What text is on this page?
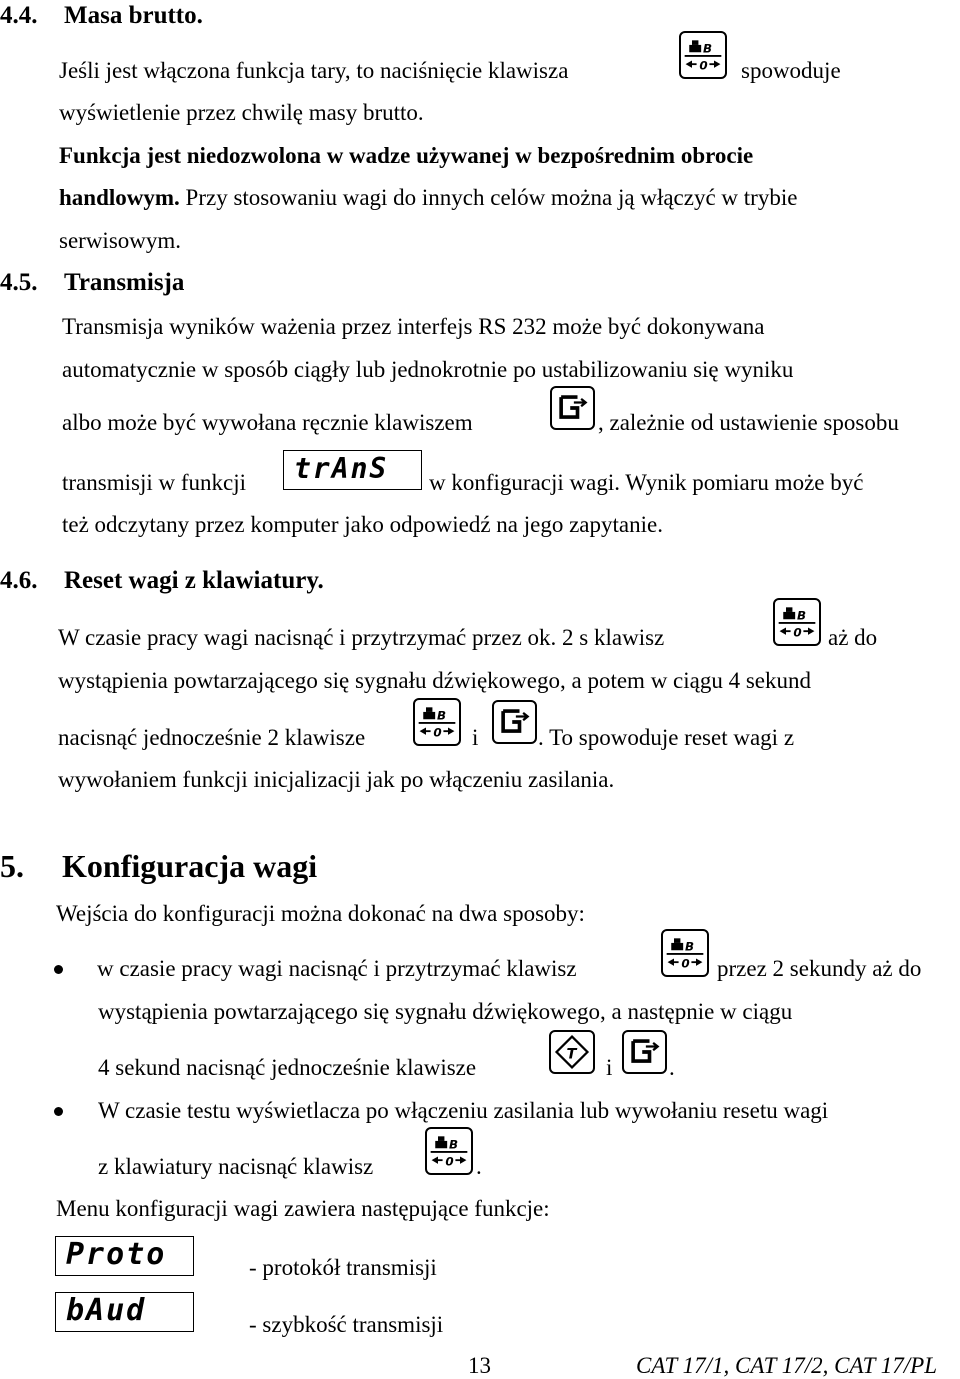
4.4. Masa brutto.
Jeśli jest włączona funkcja tary, to naciśnięcie klawisza
B
0 spowoduje
wyświetlenie przez chwilę masy brutto.
Funkcja jest niedozwolona w wadze używanej w bezpośrednim obrocie
handlowym. Przy stosowaniu wagi do innych celów można ją włączyć w trybie
serwisowym.
4.5. Transmisja
Transmisja wyników ważenia przez interfejs RS 232 może być dokonywana
automatycznie w sposób ciągły lub jednokrotnie po ustabilizowaniu się wyniku
albo może być wywołana ręcznie klawiszem	, zależnie od ustawienie sposobu
transmisji w funkcji	trAnS	w konfiguracji wagi. Wynik pomiaru może być
też odczytany przez komputer jako odpowiedź na jego zapytanie.
4.6. Reset wagi z klawiatury.
W czasie pracy wagi nacisnąć i przytrzymać przez ok. 2 s klawisz
B
0 aż do
wystąpienia powtarzającego się sygnału dźwiękowego, a potem w ciągu 4 sekund
nacisnąć jednocześnie 2 klawisze
B
0 i	. To spowoduje reset wagi z
wywołaniem funkcji inicjalizacji jak po włączeniu zasilania.
5. Konfiguracja wagi
Wejścia do konfiguracji można dokonać na dwa sposoby:
w czasie pracy wagi nacisnąć i przytrzymać klawisz
B
0 przez 2 sekundy aż do
wystąpienia powtarzającego się sygnału dźwiękowego, a następnie w ciągu
4 sekund nacisnąć jednocześnie klawisze
T
i .
W czasie testu wyświetlacza po włączeniu zasilania lub wywołaniu resetu wagi
z klawiatury nacisnąć klawisz
B
0 .
Menu konfiguracji wagi zawiera następujące funkcje:
Proto	- protokół transmisji
bAud	- szybkość transmisji
13	CAT 17/1, CAT 17/2, CAT 17/PL
